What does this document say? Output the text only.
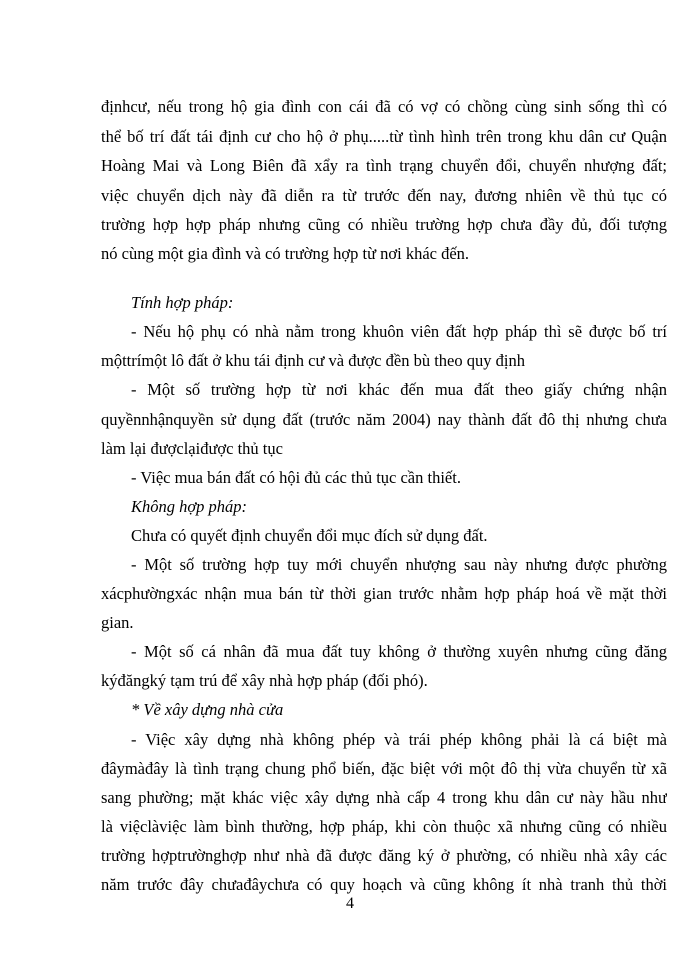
địnhcư, nếu trong hộ gia đình con cái đã có vợ có chồng cùng sinh sống thì có
thể bố trí đất tái định cư cho hộ ở phụ.....từ tình hình trên trong khu dân cư Quận
Hoàng Mai và Long Biên đã xẩy ra tình trạng chuyển đổi, chuyển nhượng đất;
việc chuyển dịch này đã diễn ra từ trước đến nay, đương nhiên về thủ tục có
trường hợp hợp pháp nhưng cũng có nhiều trường hợp chưa đầy đủ, đối tượng
nó cùng một gia đình và có trường hợp từ nơi khác đến.
Tính hợp pháp:
- Nếu hộ phụ có nhà nằm trong khuôn viên đất hợp pháp thì sẽ được bố trí
mộttrímột lô đất ở khu tái định cư và được đền bù theo quy định
- Một số trường hợp từ nơi khác đến mua đất theo giấy chứng nhận
quyềnnhậnquyền sử dụng đất (trước năm 2004) nay thành đất đô thị nhưng chưa
làm lại đượclạiđược thủ tục
- Việc mua bán đất có hội đủ các thủ tục cần thiết.
Không hợp pháp:
Chưa có quyết định chuyển đổi mục đích sử dụng đất.
- Một số trường hợp tuy mới chuyển nhượng sau này nhưng được phường
xácphườngxác nhận mua bán từ thời gian trước nhằm hợp pháp hoá về mặt thời
gian.
- Một số cá nhân đã mua đất tuy không ở thường xuyên nhưng cũng đăng
kýđăngký tạm trú để xây nhà hợp pháp (đối phó).
* Về xây dựng nhà cửa
- Việc xây dựng nhà không phép và trái phép không phải là cá biệt mà
đâymàđây là tình trạng chung phổ biến, đặc biệt với một đô thị vừa chuyển từ xã
sang phường; mặt khác việc xây dựng nhà cấp 4 trong khu dân cư này hầu như
là việclàviệc làm bình thường, hợp pháp, khi còn thuộc xã nhưng cũng có nhiều
trường hợptrườnghợp như nhà đã được đăng ký ở phường, có nhiều nhà xây các
năm trước đây chưađâychưa có quy hoạch và cũng không ít nhà tranh thủ thời
4
